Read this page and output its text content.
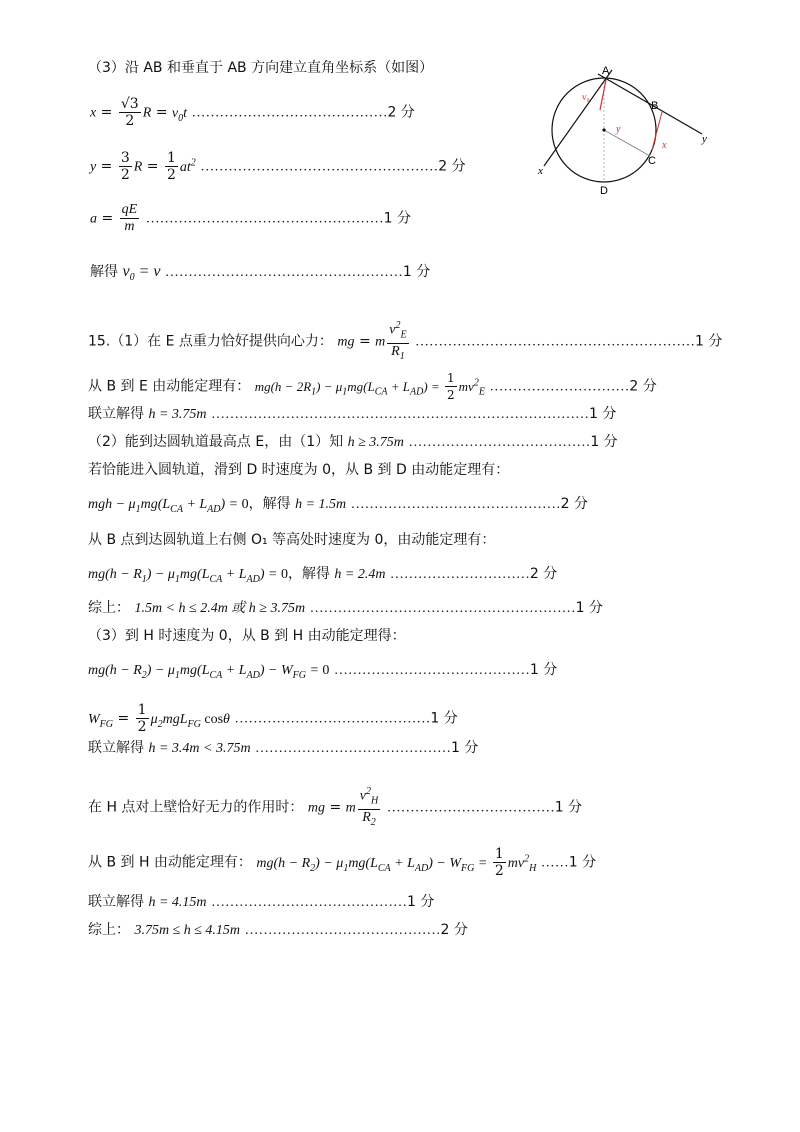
（3）沿 AB 和垂直于 AB 方向建立直角坐标系（如图）
$x = \frac{√3}{2}$ $R = v_0t$ ……………………………………2 分
$y = \frac{3}{2}$ $R = \frac{1}{2} at^2$ ……………………………………………2 分
$a = \frac{qE}{m}$ ……………………………………………1 分
解得 $v_0 = v$ ……………………………………………1 分
A
B
C
D
x
y
y
x
v₀
15.（1）在 E 点重力恰好提供向心力： mg = m $\frac{v^2_E}{R_1}$ ……………………………………………………1 分
从 B 到 E 由动能定理有： $mg(h - 2R_1) - \mu_1mg(L_{CA} + L_{AD}) = \frac{1}{2} mv^2_E$ …………………………2 分
联立解得 h = 3.75m ………………………………………………………………………1 分
（2）能到达圆轨道最高点 E，由（1）知 h ≥ 3.75m …………………………………1 分
若恰能进入圆轨道，滑到 D 时速度为 0，从 B 到 D 由动能定理有：
mgh − $\mu_1mg(L_{CA} + L_{AD}) = 0$，解得 h = 1.5m ………………………………………2 分
从 B 点到达圆轨道上右侧 O₁ 等高处时速度为 0，由动能定理有：
$mg(h - R_1) - \mu_1mg(L_{CA} + L_{AD}) = 0$，解得 h = 2.4m …………………………2 分
综上： 1.5m < h ≤ 2.4m 或 h ≥ 3.75m …………………………………………………1 分
（3）到 H 时速度为 0，从 B 到 H 由动能定理得：
$mg(h - R_2) - \mu_1mg(L_{CA} + L_{AD}) - W_{FG} = 0$ ……………………………………1 分
$W_{FG} = \frac{1}{2} \mu_2mgL_{FG}$ cosθ ……………………………………1 分
联立解得 h = 3.4m < 3.75m ……………………………………1 分
在 H 点对上壁恰好无力的作用时： mg = m $\frac{v^2_H}{R_2}$ ………………………………1 分
从 B 到 H 由动能定理有： $mg(h - R_2) - \mu_1mg(L_{CA} + L_{AD}) - W_{FG} = \frac{1}{2} mv^2_H$ ……1 分
联立解得 h = 4.15m ……………………………………1 分
综上： 3.75m ≤ h ≤ 4.15m ……………………………………2 分
